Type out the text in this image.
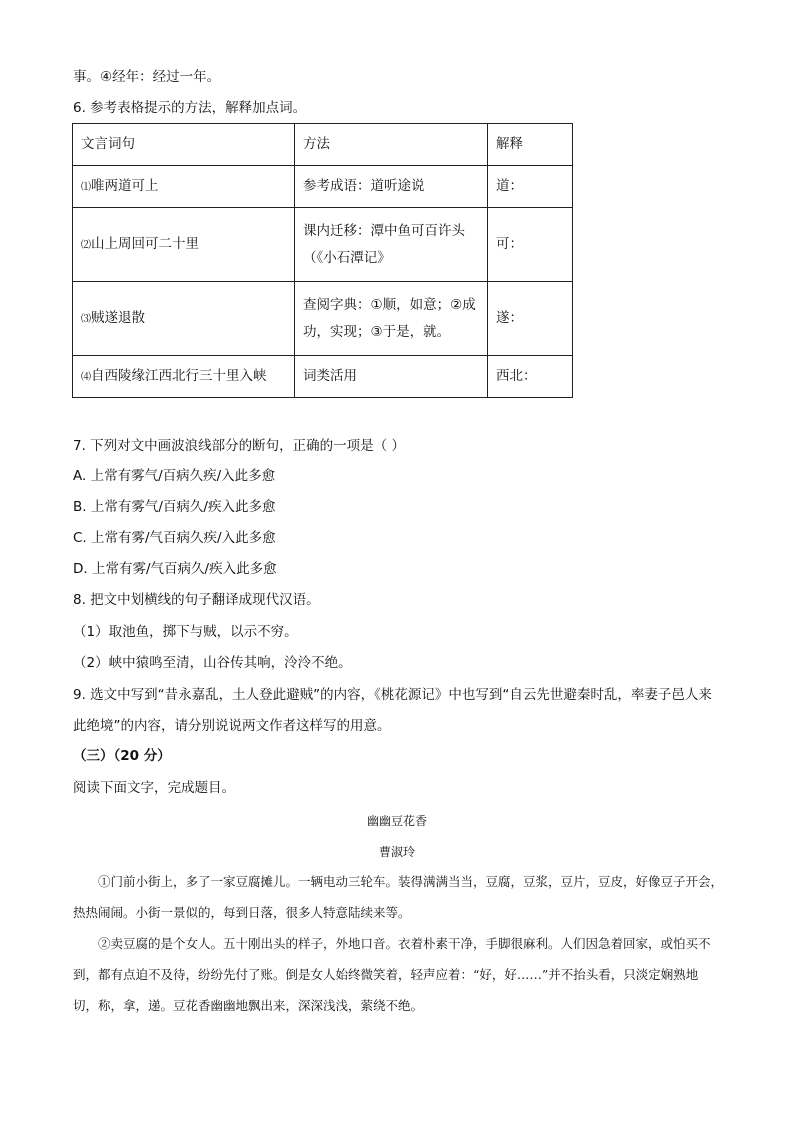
事。④经年：经过一年。
6. 参考表格提示的方法，解释加点词。
文言词句	方法	解释
⑴唯两道可上	参考成语：道听途说	道：
⑵山上周回可二十里	课内迁移：潭中鱼可百许头（《小石潭记》	可：
⑶贼遂退散	查阅字典：①顺，如意；②成功，实现；③于是，就。	遂：
⑷自西陵缘江西北行三十里入峡	词类活用	西北：
7. 下列对文中画波浪线部分的断句，正确的一项是（ ）
A. 上常有雾气/百病久疾/入此多愈
B. 上常有雾气/百病久/疾入此多愈
C. 上常有雾/气百病久疾/入此多愈
D. 上常有雾/气百病久/疾入此多愈
8. 把文中划横线的句子翻译成现代汉语。
（1）取池鱼，掷下与贼，以示不穷。
（2）峡中猿鸣至清，山谷传其响，泠泠不绝。
9. 选文中写到“昔永嘉乱，土人登此避贼”的内容，《桃花源记》中也写到“自云先世避秦时乱，率妻子邑人来此绝境”的内容，请分别说说两文作者这样写的用意。
（三）（20 分）
阅读下面文字，完成题目。
幽幽豆花香
曹淑玲
①门前小街上，多了一家豆腐摊儿。一辆电动三轮车。装得满满当当，豆腐，豆浆，豆片，豆皮，好像豆子开会，热热闹闹。小街一景似的，每到日落，很多人特意陆续来等。
②卖豆腐的是个女人。五十刚出头的样子，外地口音。衣着朴素干净，手脚很麻利。人们因急着回家，或怕买不到，都有点迫不及待，纷纷先付了账。倒是女人始终微笑着，轻声应着：“好，好……”并不抬头看，只淡定娴熟地切，称，拿，递。豆花香幽幽地飘出来，深深浅浅，萦绕不绝。
